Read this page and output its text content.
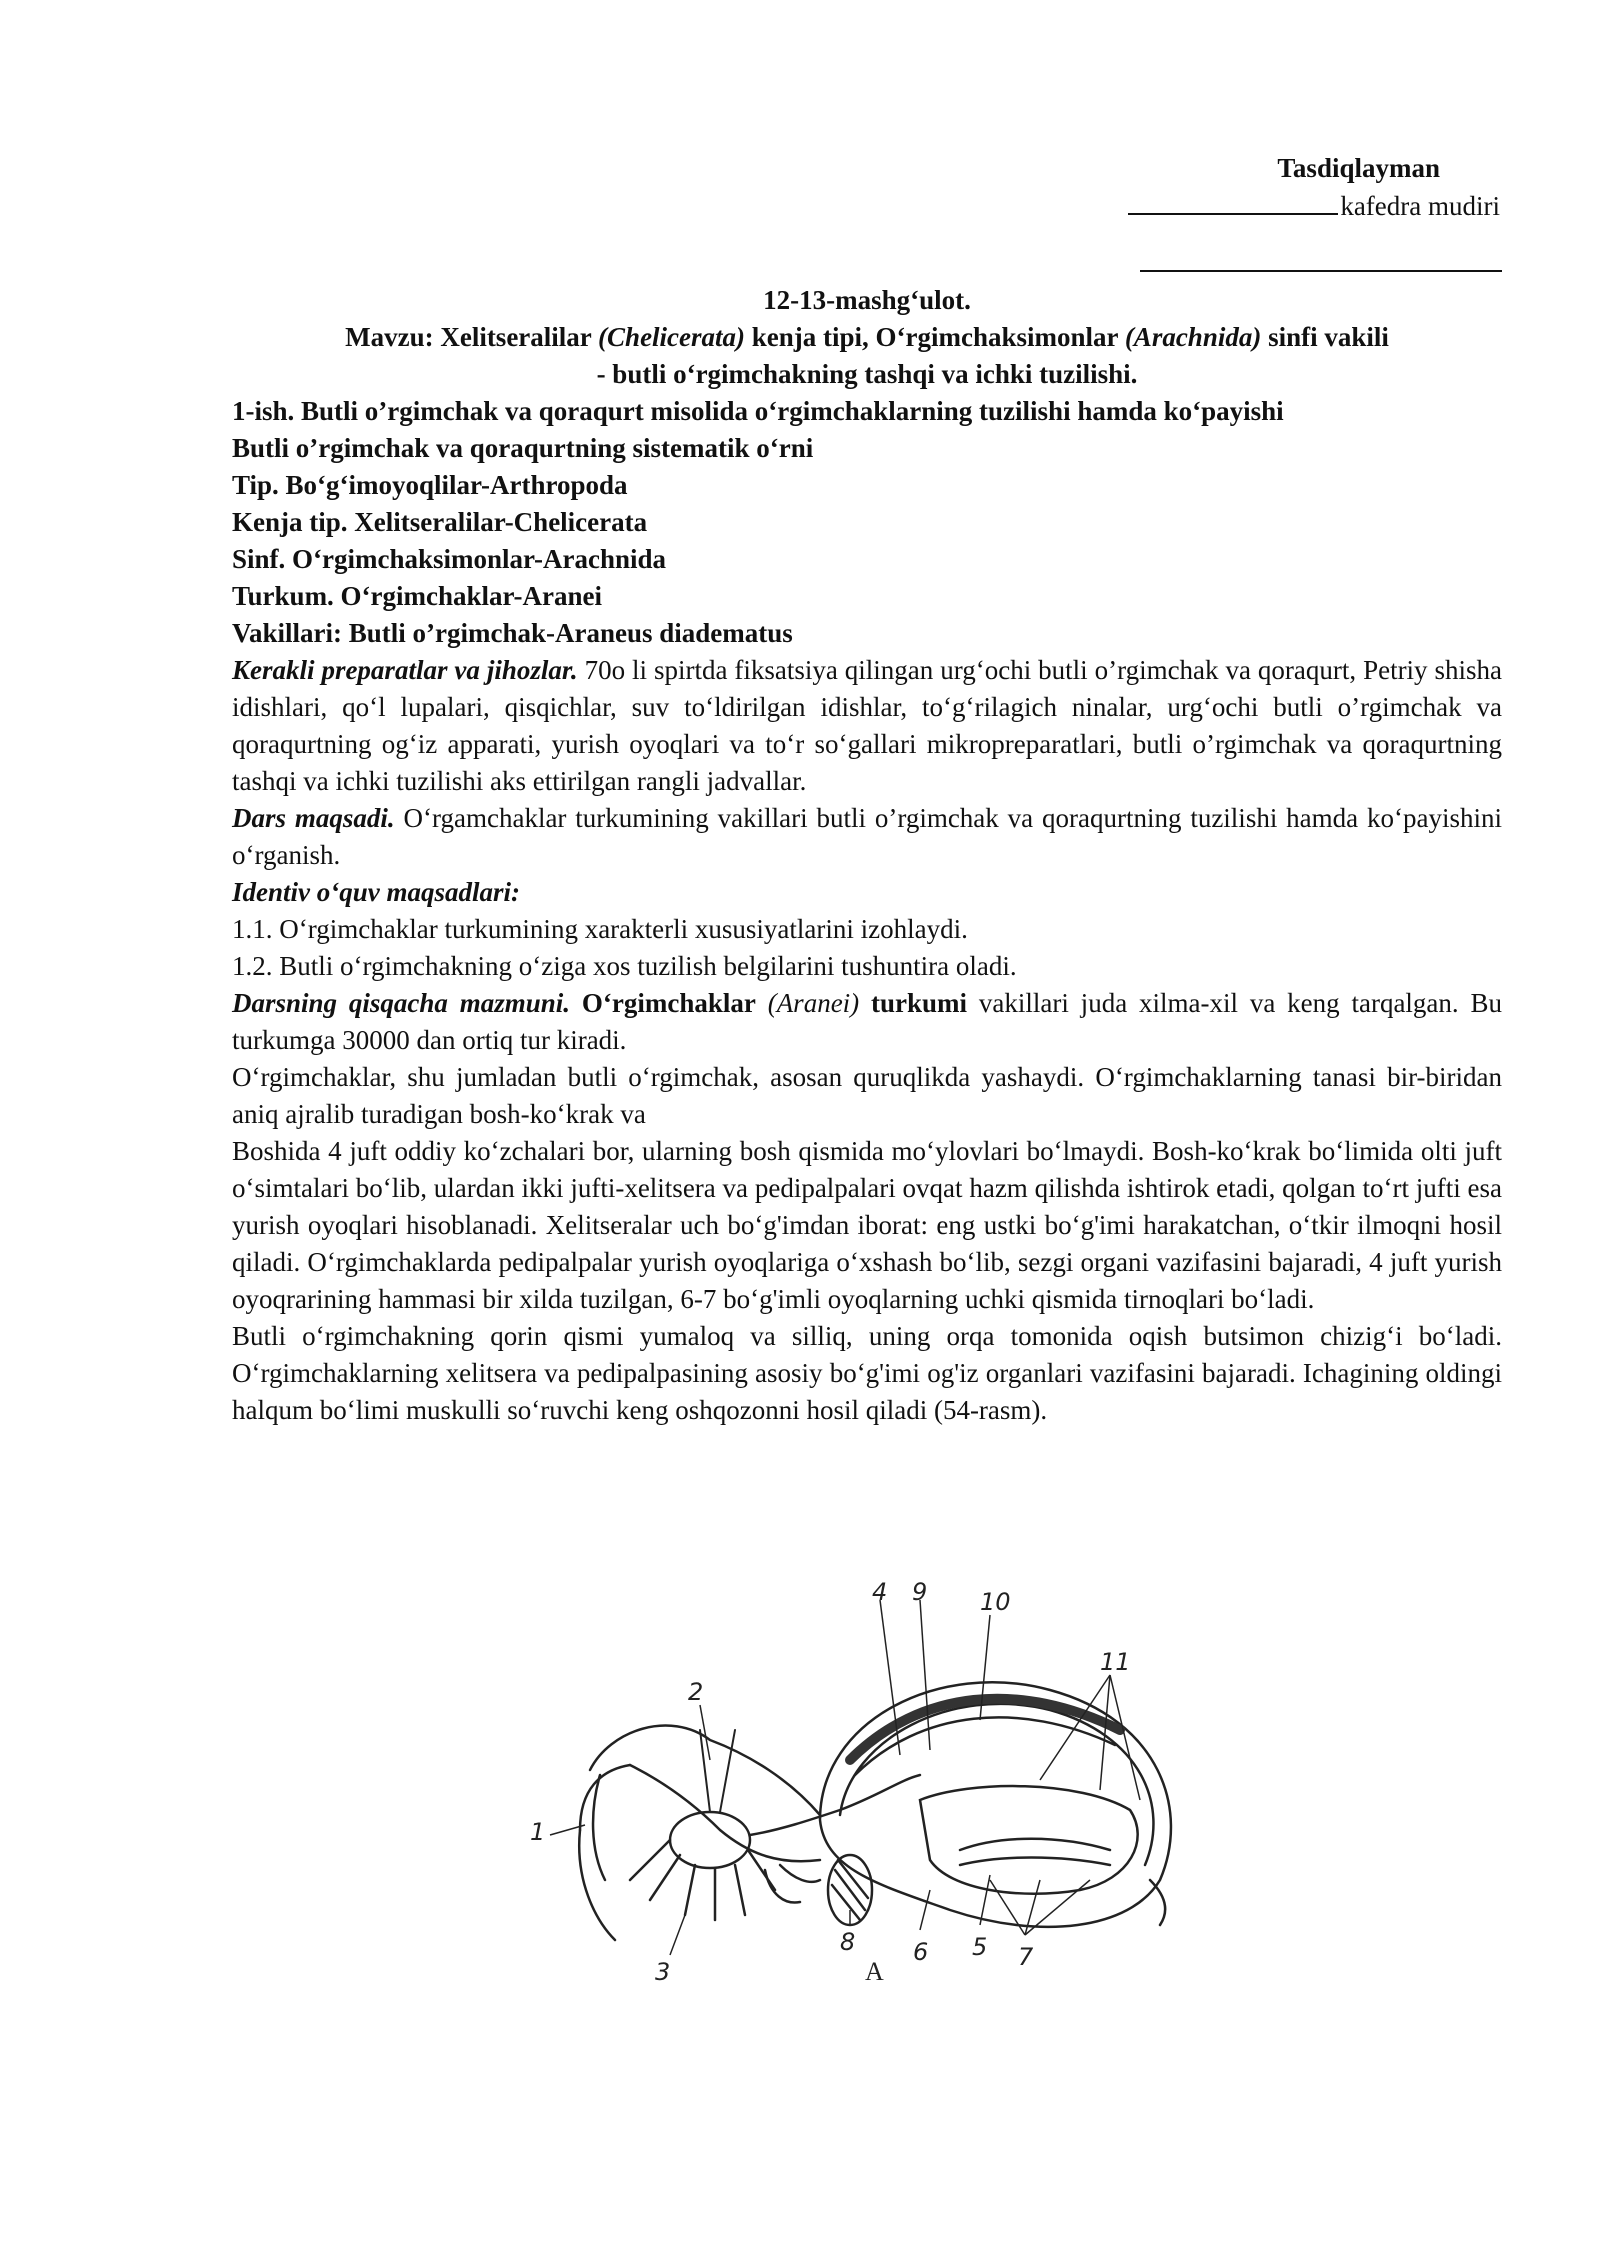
Tasdiqlayman
kafedra mudiri

12-13-mashg‘ulot.

Mavzu: Xelitseralilar (Chelicerata) kenja tipi, O‘rgimchaksimonlar (Arachnida) sinfi vakili

- butli o‘rgimchakning tashqi va ichki tuzilishi.

1-ish. Butli o’rgimchak va qoraqurt misolida o‘rgimchaklarning tuzilishi hamda ko‘payishi

Butli o’rgimchak va qoraqurtning sistematik o‘rni

Tip. Bo‘g‘imoyoqlilar-Arthropoda

Kenja tip. Xelitseralilar-Chelicerata

Sinf. O‘rgimchaksimonlar-Arachnida

Turkum. O‘rgimchaklar-Aranei

Vakillari: Butli o’rgimchak-Araneus diadematus

Kerakli preparatlar va jihozlar. 70o li spirtda fiksatsiya qilingan urg‘ochi butli o’rgimchak va qoraqurt, Petriy shisha idishlari, qo‘l lupalari, qisqichlar, suv to‘ldirilgan idishlar, to‘g‘rilagich ninalar, urg‘ochi butli o’rgimchak va qoraqurtning og‘iz apparati, yurish oyoqlari va to‘r so‘gallari mikropreparatlari, butli o’rgimchak va qoraqurtning tashqi va ichki tuzilishi aks ettirilgan rangli jadvallar.

Dars maqsadi. O‘rgamchaklar turkumining vakillari butli o’rgimchak va qoraqurtning tuzilishi hamda ko‘payishini o‘rganish.

Identiv o‘quv maqsadlari:

1.1. O‘rgimchaklar turkumining xarakterli xususiyatlarini izohlaydi.

1.2. Butli o‘rgimchakning o‘ziga xos tuzilish belgilarini tushuntira oladi.

Darsning qisqacha mazmuni. O‘rgimchaklar (Aranei) turkumi vakillari juda xilma-xil va keng tarqalgan. Bu turkumga 30000 dan ortiq tur kiradi.

O‘rgimchaklar, shu jumladan butli o‘rgimchak, asosan quruqlikda yashaydi. O‘rgimchaklarning tanasi bir-biridan aniq ajralib turadigan bosh-ko‘krak va

Boshida 4 juft oddiy ko‘zchalari bor, ularning bosh qismida mo‘ylovlari bo‘lmaydi. Bosh-ko‘krak bo‘limida olti juft o‘simtalari bo‘lib, ulardan ikki jufti-xelitsera va pedipalpalari ovqat hazm qilishda ishtirok etadi, qolgan to‘rt jufti esa yurish oyoqlari hisoblanadi. Xelitseralar uch bo‘g'imdan iborat: eng ustki bo‘g'imi harakatchan, o‘tkir ilmoqni hosil qiladi. O‘rgimchaklarda pedipalpalar yurish oyoqlariga o‘xshash bo‘lib, sezgi organi vazifasini bajaradi, 4 juft yurish oyoqrarining hammasi bir xilda tuzilgan, 6-7 bo‘g'imli oyoqlarning uchki qismida tirnoqlari bo‘ladi.

Butli o‘rgimchakning qorin qismi yumaloq va silliq, uning orqa tomonida oqish butsimon chizig‘i bo‘ladi. O‘rgimchaklarning xelitsera va pedipalpasining asosiy bo‘g'imi og'iz organlari vazifasini bajaradi. Ichagining oldingi halqum bo‘limi muskulli so‘ruvchi keng oshqozonni hosil qiladi (54-rasm).

1
2
3
4
5
6	7
8
9 10
11
A
